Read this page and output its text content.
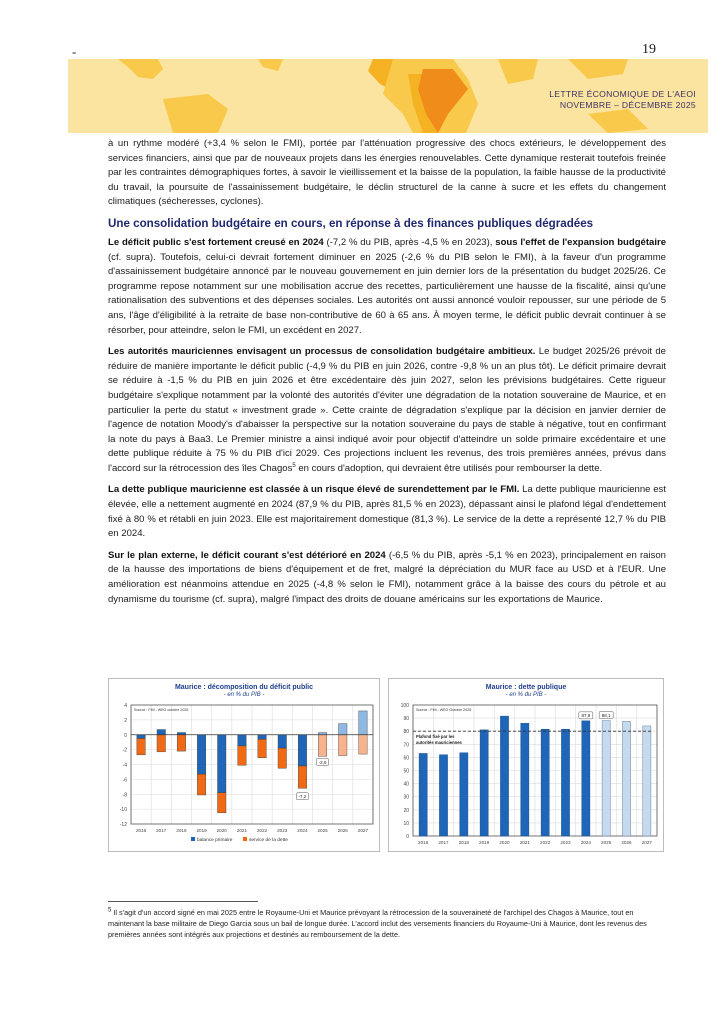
-	19
LETTRE ÉCONOMIQUE DE L'AEOI
NOVEMBRE – DÉCEMBRE 2025

à un rythme modéré (+3,4 % selon le FMI), portée par l'atténuation progressive des chocs extérieurs, le développement des services financiers, ainsi que par de nouveaux projets dans les énergies renouvelables. Cette dynamique resterait toutefois freinée par les contraintes démographiques fortes, à savoir le vieillissement et la baisse de la population, la faible hausse de la productivité du travail, la poursuite de l'assainissement budgétaire, le déclin structurel de la canne à sucre et les effets du changement climatiques (sécheresses, cyclones).

Une consolidation budgétaire en cours, en réponse à des finances publiques dégradées

Le déficit public s'est fortement creusé en 2024 (-7,2 % du PIB, après -4,5 % en 2023), sous l'effet de l'expansion budgétaire (cf. supra). Toutefois, celui-ci devrait fortement diminuer en 2025 (-2,6 % du PIB selon le FMI), à la faveur d'un programme d'assainissement budgétaire annoncé par le nouveau gouvernement en juin dernier lors de la présentation du budget 2025/26. Ce programme repose notamment sur une mobilisation accrue des recettes, particulièrement une hausse de la fiscalité, ainsi qu'une rationalisation des subventions et des dépenses sociales. Les autorités ont aussi annoncé vouloir repousser, sur une période de 5 ans, l'âge d'éligibilité à la retraite de base non-contributive de 60 à 65 ans. À moyen terme, le déficit public devrait continuer à se résorber, pour atteindre, selon le FMI, un excédent en 2027.

Les autorités mauriciennes envisagent un processus de consolidation budgétaire ambitieux. Le budget 2025/26 prévoit de réduire de manière importante le déficit public (-4,9 % du PIB en juin 2026, contre -9,8 % un an plus tôt). Le déficit primaire devrait se réduire à -1,5 % du PIB en juin 2026 et être excédentaire dès juin 2027, selon les prévisions budgétaires. Cette rigueur budgétaire s'explique notamment par la volonté des autorités d'éviter une dégradation de la notation souveraine de Maurice, et en particulier la perte du statut « investment grade ». Cette crainte de dégradation s'explique par la décision en janvier dernier de l'agence de notation Moody's d'abaisser la perspective sur la notation souveraine du pays de stable à négative, tout en confirmant la note du pays à Baa3. Le Premier ministre a ainsi indiqué avoir pour objectif d'atteindre un solde primaire excédentaire et une dette publique réduite à 75 % du PIB d'ici 2029. Ces projections incluent les revenus, des trois premières années, prévus dans l'accord sur la rétrocession des îles Chagos$^5$ en cours d'adoption, qui devraient être utilisés pour rembourser la dette.

La dette publique mauricienne est classée à un risque élevé de surendettement par le FMI. La dette publique mauricienne est élevée, elle a nettement augmenté en 2024 (87,9 % du PIB, après 81,5 % en 2023), dépassant ainsi le plafond légal d'endettement fixé à 80 % et rétabli en juin 2023. Elle est majoritairement domestique (81,3 %). Le service de la dette a représenté 12,7 % du PIB en 2024.

Sur le plan externe, le déficit courant s'est détérioré en 2024 (-6,5 % du PIB, après -5,1 % en 2023), principalement en raison de la hausse des importations de biens d'équipement et de fret, malgré la dépréciation du MUR face au USD et à l'EUR. Une amélioration est néanmoins attendue en 2025 (-4,8 % selon le FMI), notamment grâce à la baisse des cours du pétrole et au dynamisme du tourisme (cf. supra), malgré l'impact des droits de douane américains sur les exportations de Maurice.

Maurice : décomposition du déficit public
- en % du PIB -
4
2
0
-2
-4
-6
-8
-10
-12
Source : FMI - WEO octobre 2025
2016 2017 2018 2019 2020 2021 2022 2023 2024 2025 2026 2027
-7,2
-2,6
balance primaire	service de la dette
Maurice : dette publique
- en % du PIB -
100
90
80
70
60
50
40
30
20
10
0
Source : FMI - WEO Octobre 2025
2016 2017 2018 2019 2020 2021 2022 2023 2024 2025 2026 2027
Plafond fixé par les
autorités mauriciennes
87,9	88,1
$^5$ Il s'agit d'un accord signé en mai 2025 entre le Royaume-Uni et Maurice prévoyant la rétrocession de la souveraineté de l'archipel des Chagos à Maurice, tout en maintenant la base militaire de Diego Garcia sous un bail de longue durée. L'accord inclut des versements financiers du Royaume-Uni à Maurice, dont les revenus des premières années sont intégrés aux projections et destinés au remboursement de la dette.
